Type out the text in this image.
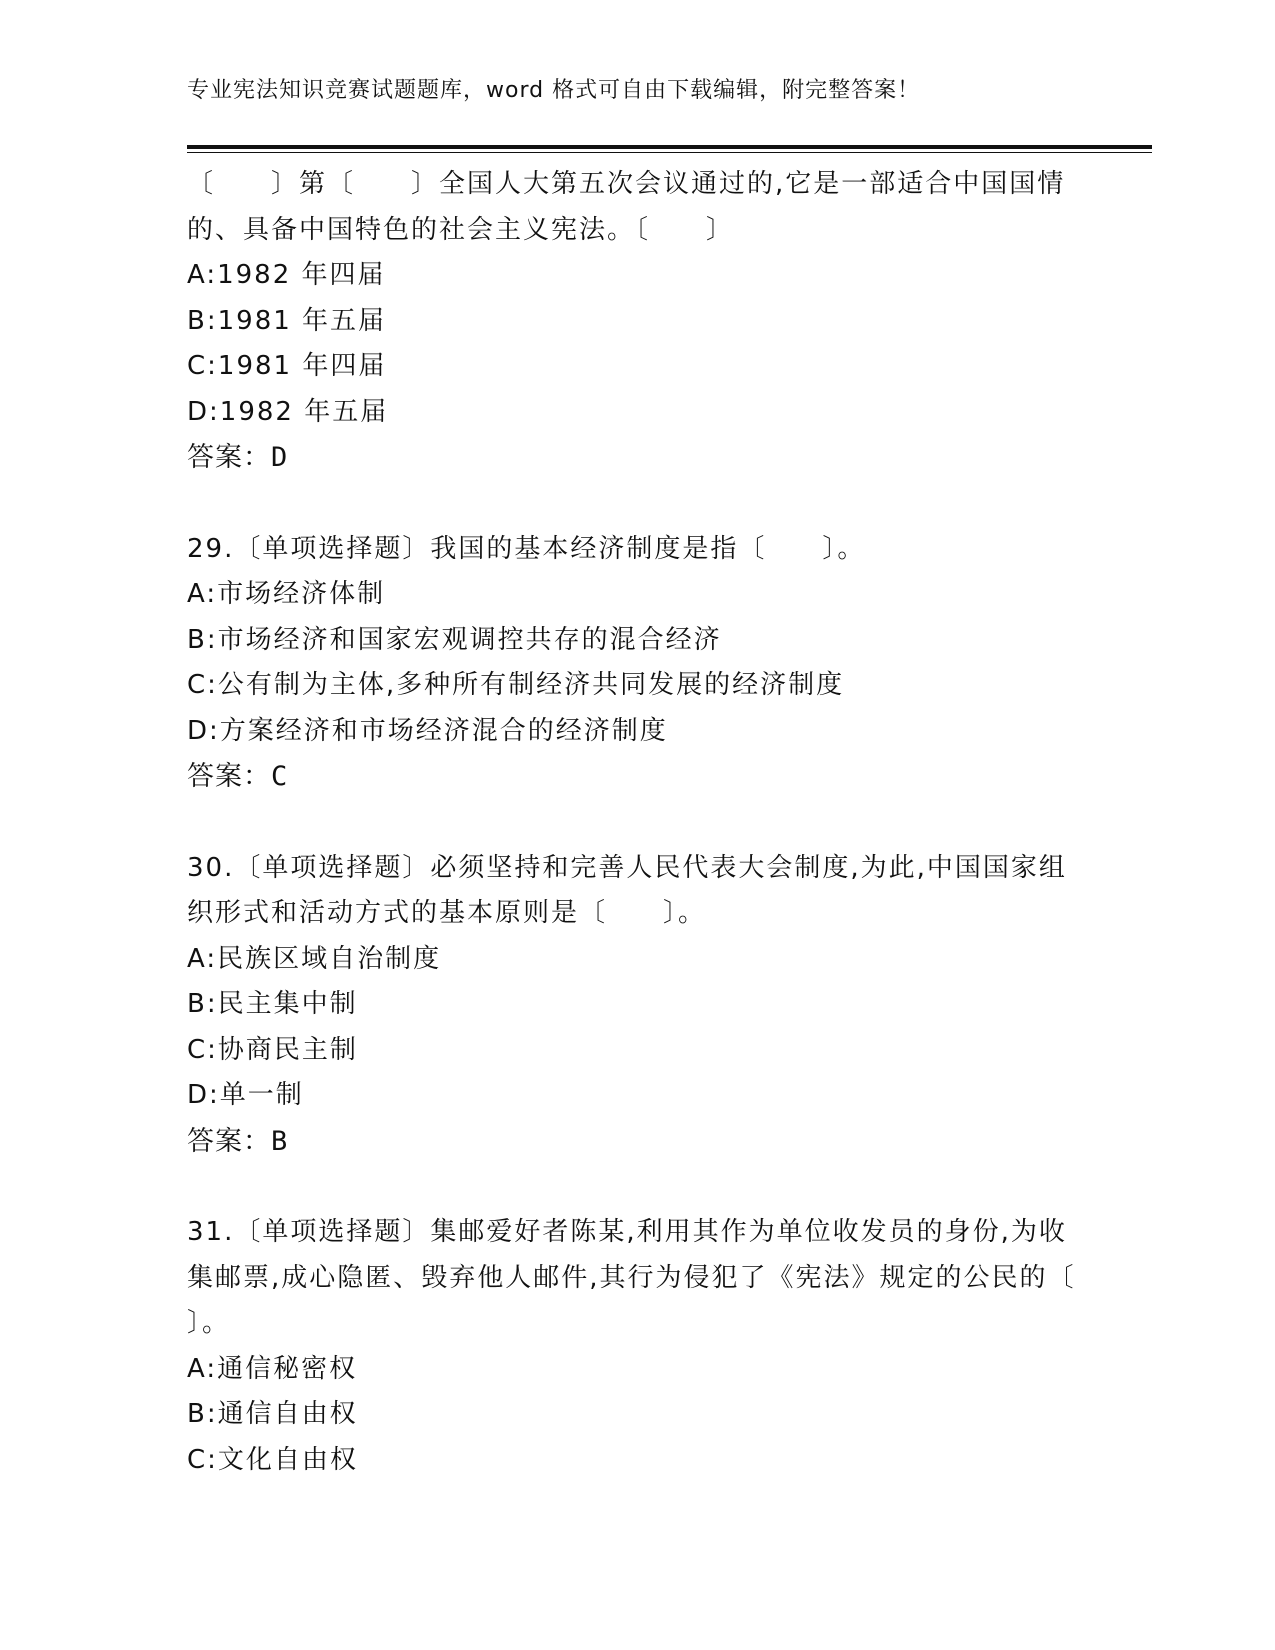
专业宪法知识竞赛试题题库，word 格式可自由下载编辑，附完整答案！

〔　　〕第〔　　〕全国人大第五次会议通过的,它是一部适合中国国情的、具备中国特色的社会主义宪法。〔　　〕

A:1982 年四届
B:1981 年五届
C:1981 年四届
D:1982 年五届

答案：D

29.〔单项选择题〕我国的基本经济制度是指〔　　〕。

A:市场经济体制
B:市场经济和国家宏观调控共存的混合经济
C:公有制为主体,多种所有制经济共同发展的经济制度
D:方案经济和市场经济混合的经济制度

答案：C

30.〔单项选择题〕必须坚持和完善人民代表大会制度,为此,中国国家组织形式和活动方式的基本原则是〔　　〕。

A:民族区域自治制度
B:民主集中制
C:协商民主制
D:单一制

答案：B

31.〔单项选择题〕集邮爱好者陈某,利用其作为单位收发员的身份,为收集邮票,成心隐匿、毁弃他人邮件,其行为侵犯了《宪法》规定的公民的〔　　〕。

A:通信秘密权
B:通信自由权
C:文化自由权
